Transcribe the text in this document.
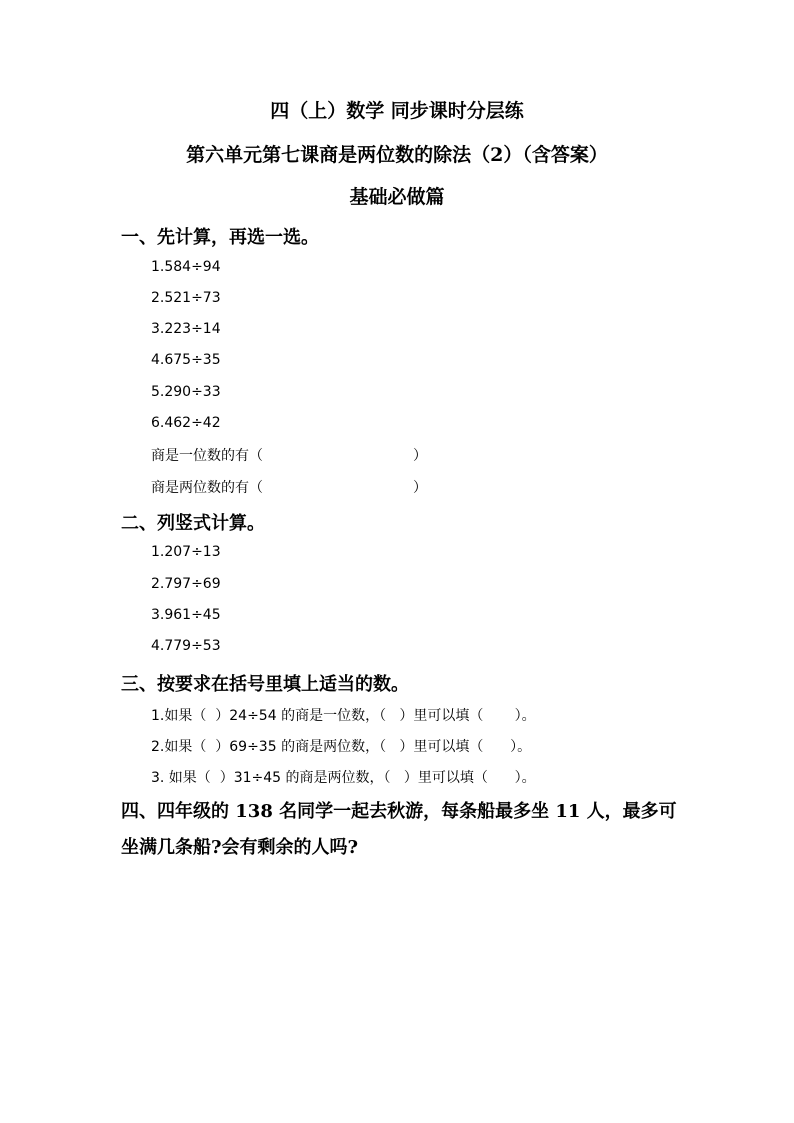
四（上）数学 同步课时分层练
第六单元第七课商是两位数的除法（2）（含答案）
基础必做篇
一、先计算，再选一选。
1.584÷94
2.521÷73
3.223÷14
4.675÷35
5.290÷33
6.462÷42
商是一位数的有（	）
商是两位数的有（	）
二、列竖式计算。
1.207÷13
2.797÷69
3.961÷45
4.779÷53
三、按要求在括号里填上适当的数。
1.如果（  ）24÷54 的商是一位数，（   ）里可以填（       ）。
2.如果（  ）69÷35 的商是两位数，（   ）里可以填（      ）。
3. 如果（  ）31÷45 的商是两位数，（   ）里可以填（      ）。
四、四年级的 138 名同学一起去秋游，每条船最多坐 11 人，最多可
坐满几条船?会有剩余的人吗?
